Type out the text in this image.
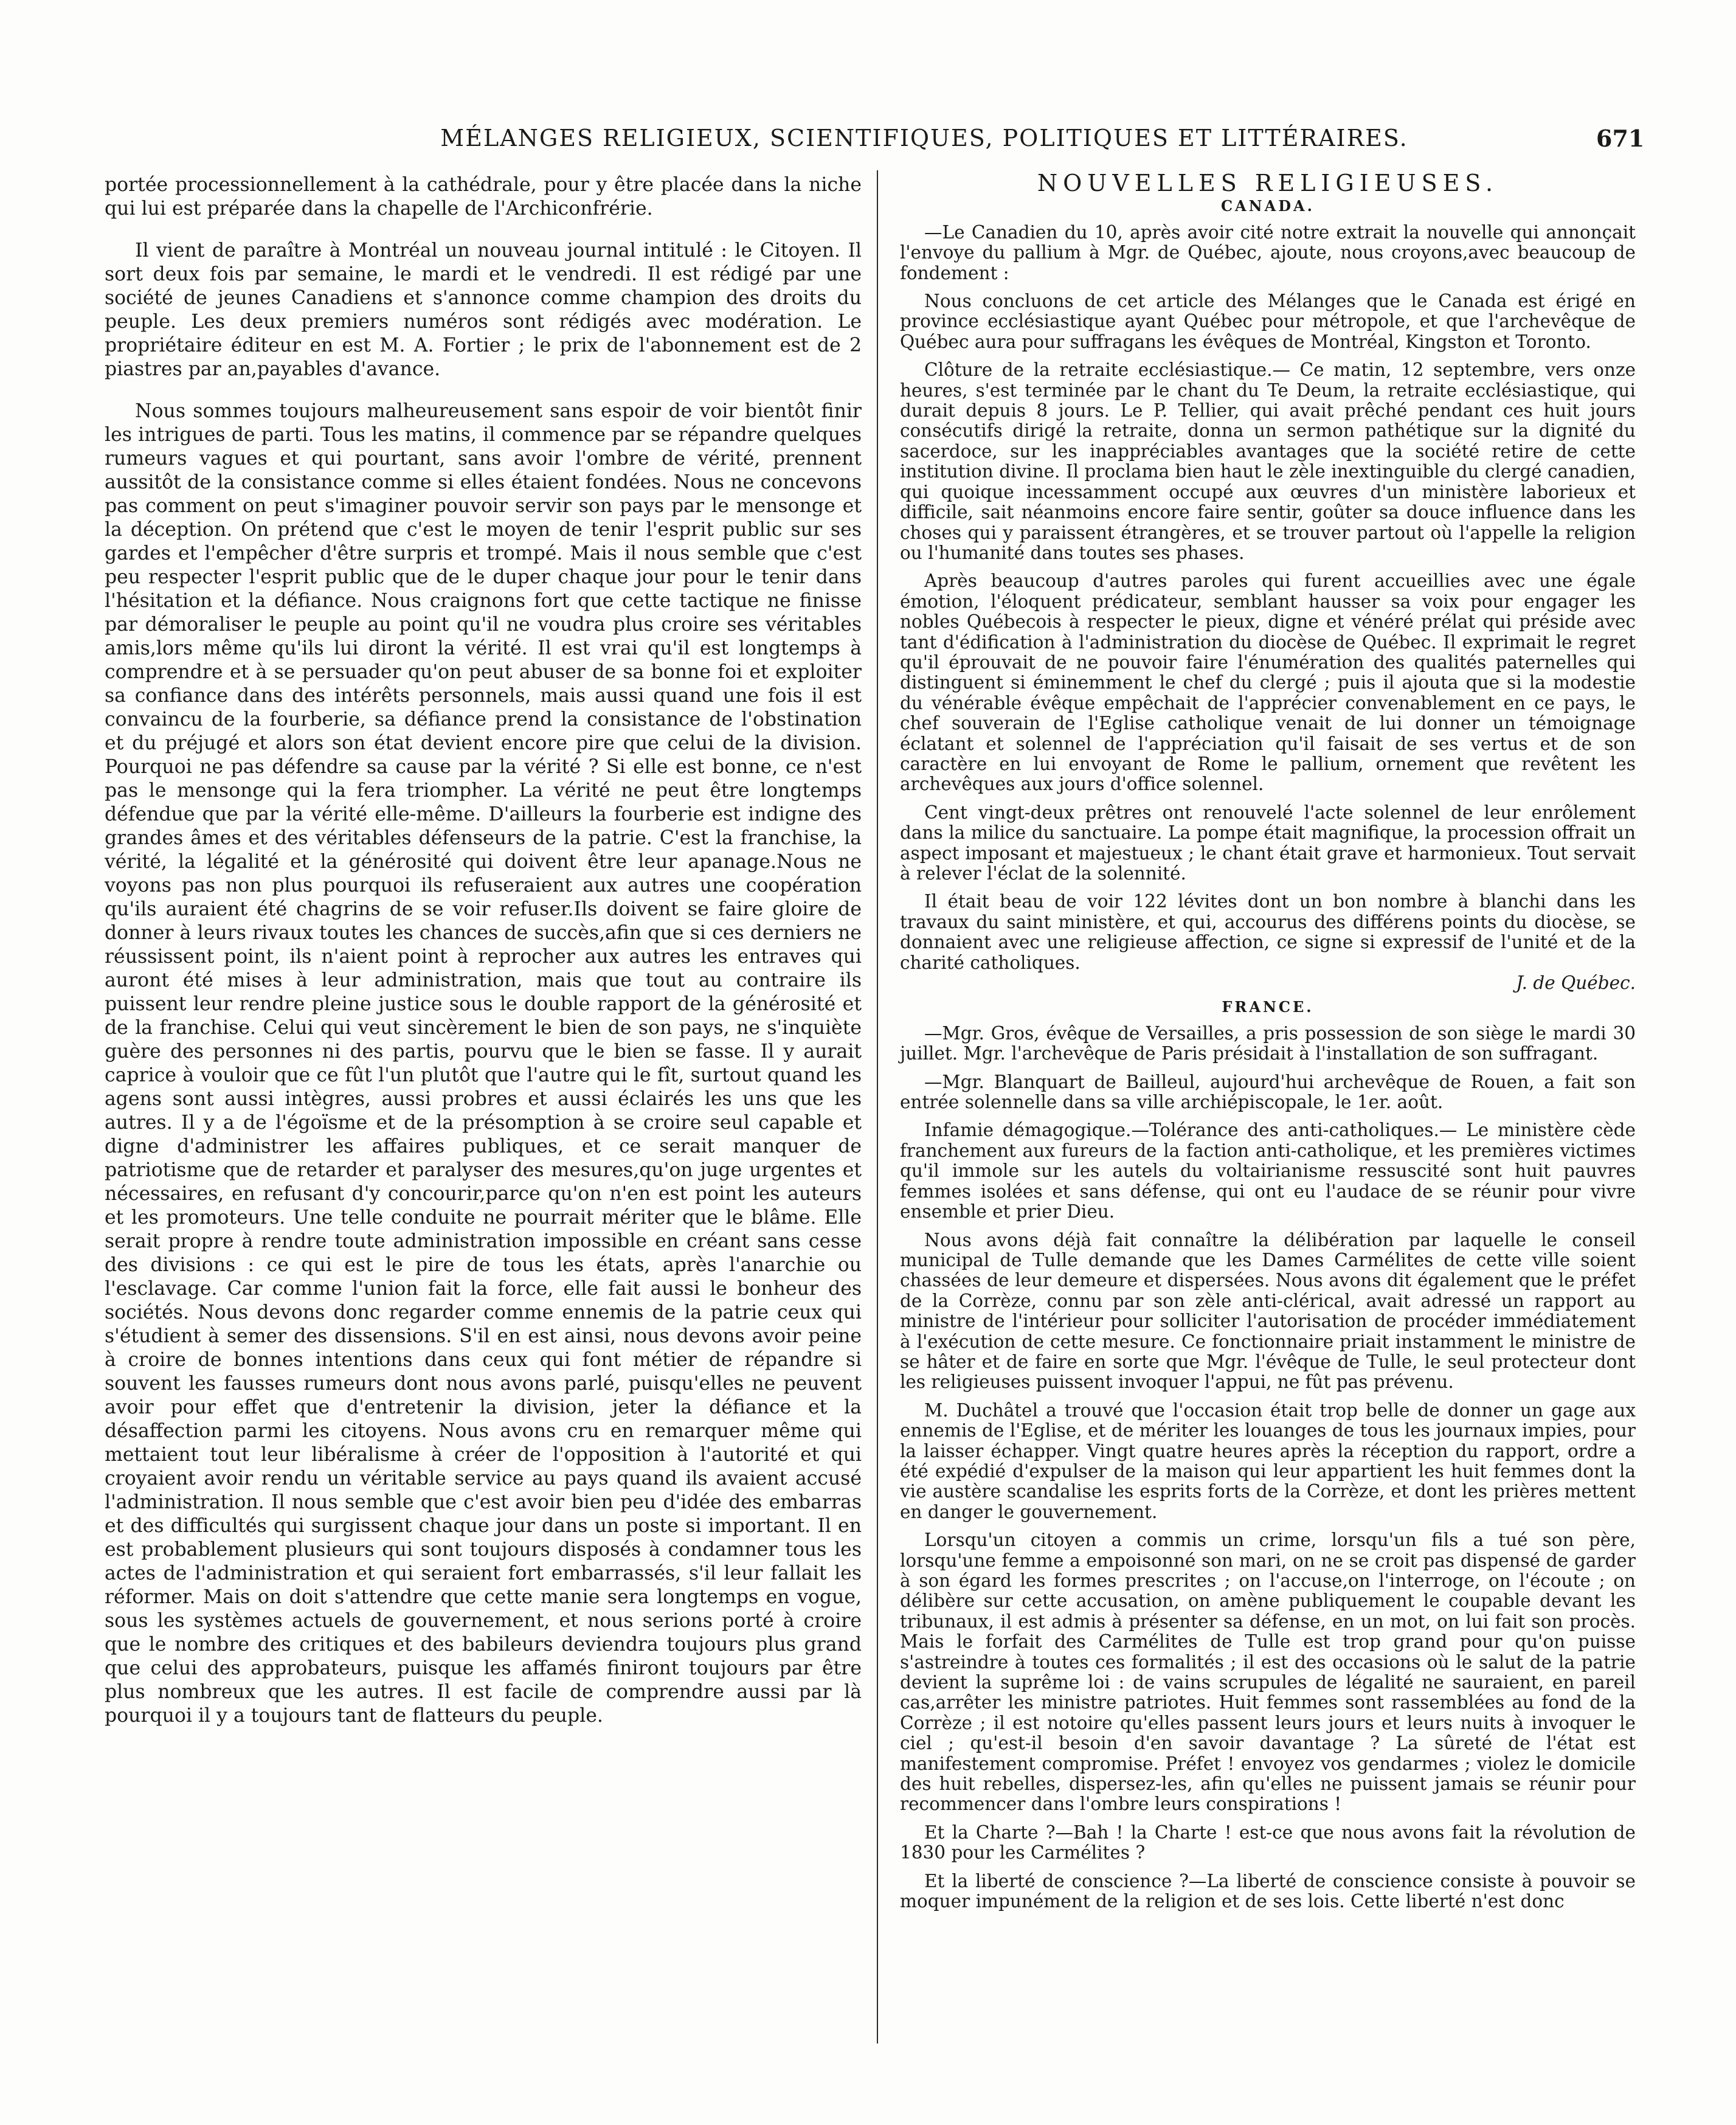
MÉLANGES RELIGIEUX, SCIENTIFIQUES, POLITIQUES ET LITTÉRAIRES.	671

portée processionnellement à la cathédrale, pour y être placée dans la niche qui lui est préparée dans la chapelle de l'Archiconfrérie.

Il vient de paraître à Montréal un nouveau journal intitulé : le Citoyen. Il sort deux fois par semaine, le mardi et le vendredi. Il est rédigé par une société de jeunes Canadiens et s'annonce comme champion des droits du peuple. Les deux premiers numéros sont rédigés avec modération. Le propriétaire éditeur en est M. A. Fortier ; le prix de l'abonnement est de 2 piastres par an,payables d'avance.

Nous sommes toujours malheureusement sans espoir de voir bientôt finir les intrigues de parti. Tous les matins, il commence par se répandre quelques rumeurs vagues et qui pourtant, sans avoir l'ombre de vérité, prennent aussitôt de la consistance comme si elles étaient fondées. Nous ne concevons pas comment on peut s'imaginer pouvoir servir son pays par le mensonge et la déception. On prétend que c'est le moyen de tenir l'esprit public sur ses gardes et l'empêcher d'être surpris et trompé. Mais il nous semble que c'est peu respecter l'esprit public que de le duper chaque jour pour le tenir dans l'hésitation et la défiance. Nous craignons fort que cette tactique ne finisse par démoraliser le peuple au point qu'il ne voudra plus croire ses véritables amis,lors même qu'ils lui diront la vérité. Il est vrai qu'il est longtemps à comprendre et à se persuader qu'on peut abuser de sa bonne foi et exploiter sa confiance dans des intérêts personnels, mais aussi quand une fois il est convaincu de la fourberie, sa défiance prend la consistance de l'obstination et du préjugé et alors son état devient encore pire que celui de la division. Pourquoi ne pas défendre sa cause par la vérité ? Si elle est bonne, ce n'est pas le mensonge qui la fera triompher. La vérité ne peut être longtemps défendue que par la vérité elle-même. D'ailleurs la fourberie est indigne des grandes âmes et des véritables défenseurs de la patrie. C'est la franchise, la vérité, la légalité et la générosité qui doivent être leur apanage.Nous ne voyons pas non plus pourquoi ils refuseraient aux autres une coopération qu'ils auraient été chagrins de se voir refuser.Ils doivent se faire gloire de donner à leurs rivaux toutes les chances de succès,afin que si ces derniers ne réussissent point, ils n'aient point à reprocher aux autres les entraves qui auront été mises à leur administration, mais que tout au contraire ils puissent leur rendre pleine justice sous le double rapport de la générosité et de la franchise. Celui qui veut sincèrement le bien de son pays, ne s'inquiète guère des personnes ni des partis, pourvu que le bien se fasse. Il y aurait caprice à vouloir que ce fût l'un plutôt que l'autre qui le fît, surtout quand les agens sont aussi intègres, aussi probres et aussi éclairés les uns que les autres. Il y a de l'égoïsme et de la présomption à se croire seul capable et digne d'administrer les affaires publiques, et ce serait manquer de patriotisme que de retarder et paralyser des mesures,qu'on juge urgentes et nécessaires, en refusant d'y concourir,parce qu'on n'en est point les auteurs et les promoteurs. Une telle conduite ne pourrait mériter que le blâme. Elle serait propre à rendre toute administration impossible en créant sans cesse des divisions : ce qui est le pire de tous les états, après l'anarchie ou l'esclavage. Car comme l'union fait la force, elle fait aussi le bonheur des sociétés. Nous devons donc regarder comme ennemis de la patrie ceux qui s'étudient à semer des dissensions. S'il en est ainsi, nous devons avoir peine à croire de bonnes intentions dans ceux qui font métier de répandre si souvent les fausses rumeurs dont nous avons parlé, puisqu'elles ne peuvent avoir pour effet que d'entretenir la division, jeter la défiance et la désaffection parmi les citoyens. Nous avons cru en remarquer même qui mettaient tout leur libéralisme à créer de l'opposition à l'autorité et qui croyaient avoir rendu un véritable service au pays quand ils avaient accusé l'administration. Il nous semble que c'est avoir bien peu d'idée des embarras et des difficultés qui surgissent chaque jour dans un poste si important. Il en est probablement plusieurs qui sont toujours disposés à condamner tous les actes de l'administration et qui seraient fort embarrassés, s'il leur fallait les réformer. Mais on doit s'attendre que cette manie sera longtemps en vogue, sous les systèmes actuels de gouvernement, et nous serions porté à croire que le nombre des critiques et des babileurs deviendra toujours plus grand que celui des approbateurs, puisque les affamés finiront toujours par être plus nombreux que les autres. Il est facile de comprendre aussi par là pourquoi il y a toujours tant de flatteurs du peuple.

NOUVELLES RELIGIEUSES.
CANADA.

—Le Canadien du 10, après avoir cité notre extrait la nouvelle qui annonçait l'envoye du pallium à Mgr. de Québec, ajoute, nous croyons,avec beaucoup de fondement :

Nous concluons de cet article des Mélanges que le Canada est érigé en province ecclésiastique ayant Québec pour métropole, et que l'archevêque de Québec aura pour suffragans les évêques de Montréal, Kingston et Toronto.

Clôture de la retraite ecclésiastique.— Ce matin, 12 septembre, vers onze heures, s'est terminée par le chant du Te Deum, la retraite ecclésiastique, qui durait depuis 8 jours. Le P. Tellier, qui avait prêché pendant ces huit jours consécutifs dirigé la retraite, donna un sermon pathétique sur la dignité du sacerdoce, sur les inappréciables avantages que la société retire de cette institution divine. Il proclama bien haut le zèle inextinguible du clergé canadien, qui quoique incessamment occupé aux œuvres d'un ministère laborieux et difficile, sait néanmoins encore faire sentir, goûter sa douce influence dans les choses qui y paraissent étrangères, et se trouver partout où l'appelle la religion ou l'humanité dans toutes ses phases.

Après beaucoup d'autres paroles qui furent accueillies avec une égale émotion, l'éloquent prédicateur, semblant hausser sa voix pour engager les nobles Québecois à respecter le pieux, digne et vénéré prélat qui préside avec tant d'édification à l'administration du diocèse de Québec. Il exprimait le regret qu'il éprouvait de ne pouvoir faire l'énumération des qualités paternelles qui distinguent si éminemment le chef du clergé ; puis il ajouta que si la modestie du vénérable évêque empêchait de l'apprécier convenablement en ce pays, le chef souverain de l'Eglise catholique venait de lui donner un témoignage éclatant et solennel de l'appréciation qu'il faisait de ses vertus et de son caractère en lui envoyant de Rome le pallium, ornement que revêtent les archevêques aux jours d'office solennel.

Cent vingt-deux prêtres ont renouvelé l'acte solennel de leur enrôlement dans la milice du sanctuaire. La pompe était magnifique, la procession offrait un aspect imposant et majestueux ; le chant était grave et harmonieux. Tout servait à relever l'éclat de la solennité.

Il était beau de voir 122 lévites dont un bon nombre à blanchi dans les travaux du saint ministère, et qui, accourus des différens points du diocèse, se donnaient avec une religieuse affection, ce signe si expressif de l'unité et de la charité catholiques.

J. de Québec.
FRANCE.

—Mgr. Gros, évêque de Versailles, a pris possession de son siège le mardi 30 juillet. Mgr. l'archevêque de Paris présidait à l'installation de son suffragant.

—Mgr. Blanquart de Bailleul, aujourd'hui archevêque de Rouen, a fait son entrée solennelle dans sa ville archiépiscopale, le 1er. août.

Infamie démagogique.—Tolérance des anti-catholiques.— Le ministère cède franchement aux fureurs de la faction anti-catholique, et les premières victimes qu'il immole sur les autels du voltairianisme ressuscité sont huit pauvres femmes isolées et sans défense, qui ont eu l'audace de se réunir pour vivre ensemble et prier Dieu.

Nous avons déjà fait connaître la délibération par laquelle le conseil municipal de Tulle demande que les Dames Carmélites de cette ville soient chassées de leur demeure et dispersées. Nous avons dit également que le préfet de la Corrèze, connu par son zèle anti-clérical, avait adressé un rapport au ministre de l'intérieur pour solliciter l'autorisation de procéder immédiatement à l'exécution de cette mesure. Ce fonctionnaire priait instamment le ministre de se hâter et de faire en sorte que Mgr. l'évêque de Tulle, le seul protecteur dont les religieuses puissent invoquer l'appui, ne fût pas prévenu.

M. Duchâtel a trouvé que l'occasion était trop belle de donner un gage aux ennemis de l'Eglise, et de mériter les louanges de tous les journaux impies, pour la laisser échapper. Vingt quatre heures après la réception du rapport, ordre a été expédié d'expulser de la maison qui leur appartient les huit femmes dont la vie austère scandalise les esprits forts de la Corrèze, et dont les prières mettent en danger le gouvernement.

Lorsqu'un citoyen a commis un crime, lorsqu'un fils a tué son père, lorsqu'une femme a empoisonné son mari, on ne se croit pas dispensé de garder à son égard les formes prescrites ; on l'accuse,on l'interroge, on l'écoute ; on délibère sur cette accusation, on amène publiquement le coupable devant les tribunaux, il est admis à présenter sa défense, en un mot, on lui fait son procès. Mais le forfait des Carmélites de Tulle est trop grand pour qu'on puisse s'astreindre à toutes ces formalités ; il est des occasions où le salut de la patrie devient la suprême loi : de vains scrupules de légalité ne sauraient, en pareil cas,arrêter les ministre patriotes. Huit femmes sont rassemblées au fond de la Corrèze ; il est notoire qu'elles passent leurs jours et leurs nuits à invoquer le ciel ; qu'est-il besoin d'en savoir davantage ? La sûreté de l'état est manifestement compromise. Préfet ! envoyez vos gendarmes ; violez le domicile des huit rebelles, dispersez-les, afin qu'elles ne puissent jamais se réunir pour recommencer dans l'ombre leurs conspirations !

Et la Charte ?—Bah ! la Charte ! est-ce que nous avons fait la révolution de 1830 pour les Carmélites ?

Et la liberté de conscience ?—La liberté de conscience consiste à pouvoir se moquer impunément de la religion et de ses lois. Cette liberté n'est donc
